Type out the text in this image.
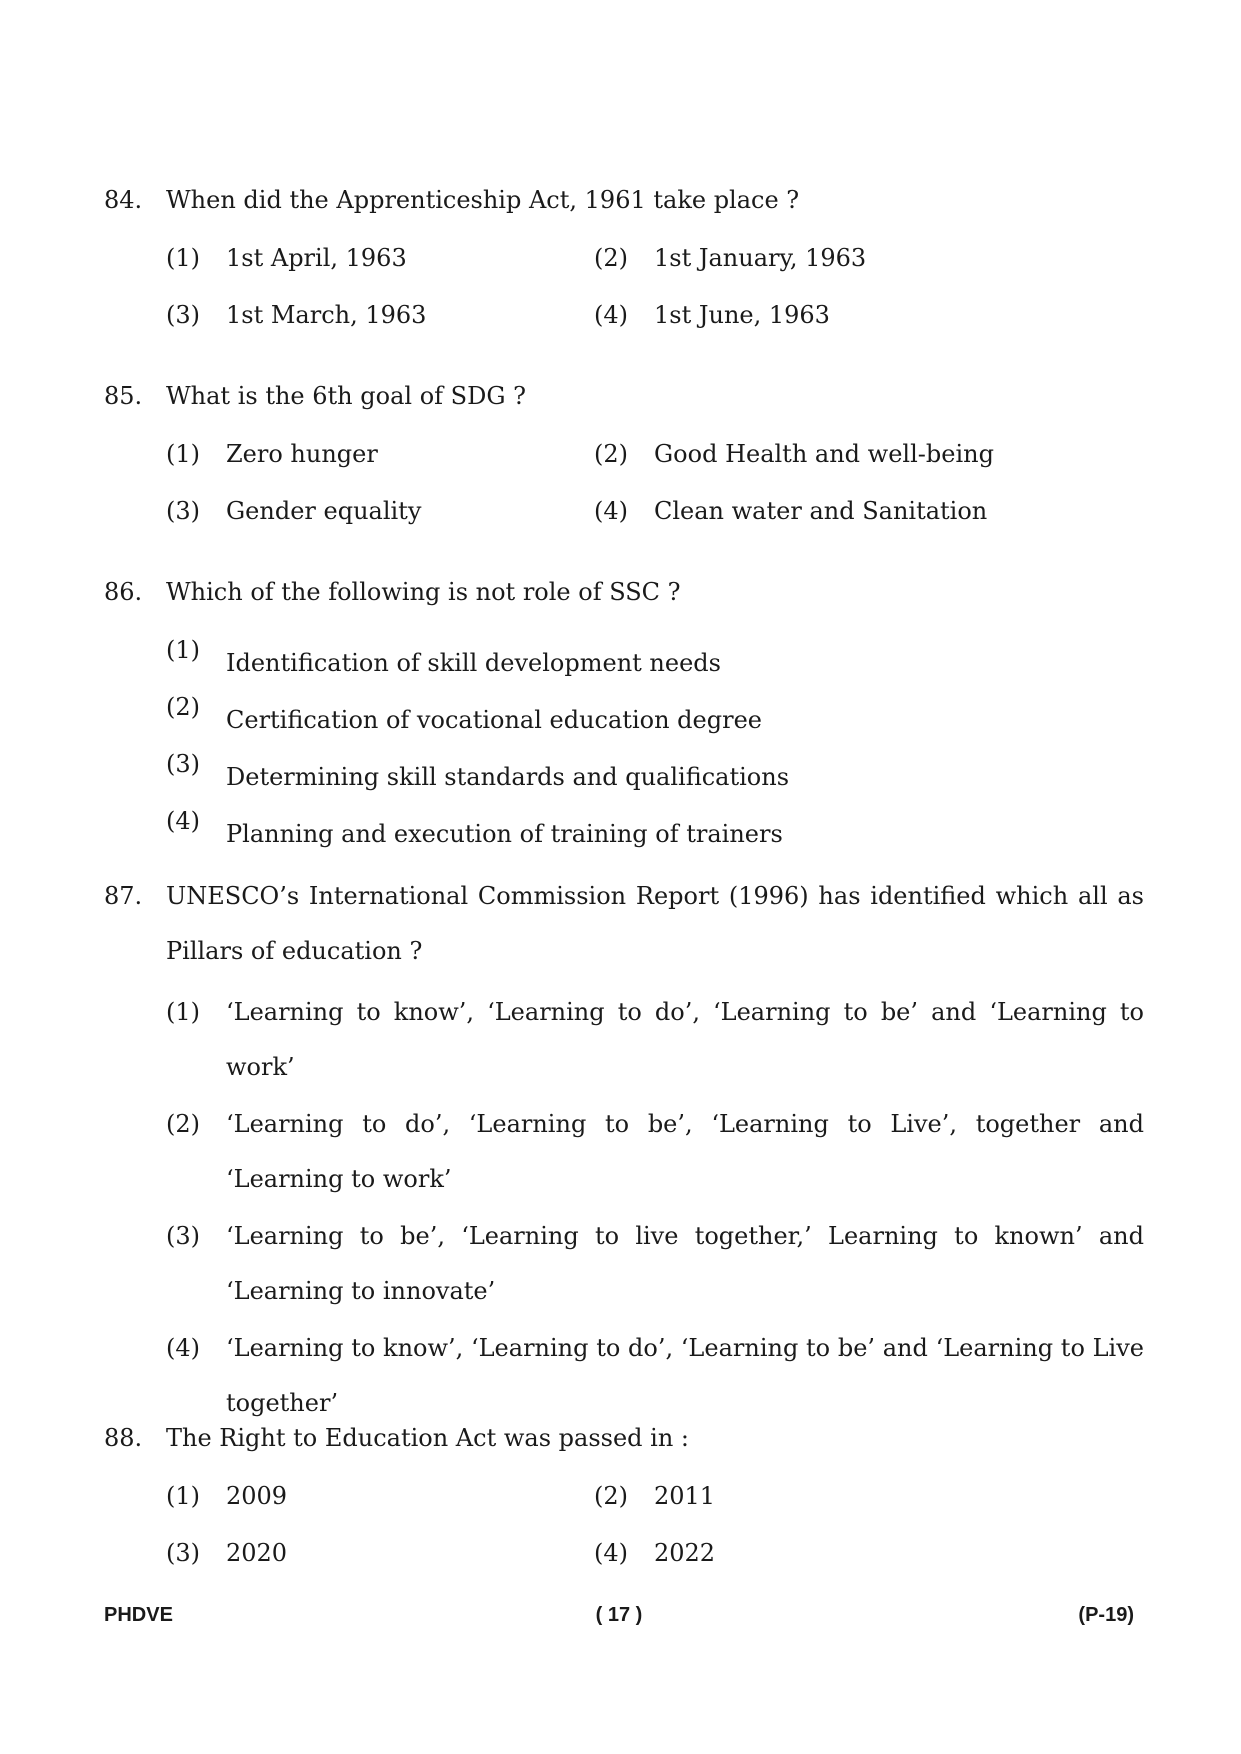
84. When did the Apprenticeship Act, 1961 take place ?
(1)	1st April, 1963	(2)	1st January, 1963
(3)	1st March, 1963	(4)	1st June, 1963
85. What is the 6th goal of SDG ?
(1)	Zero hunger	(2)	Good Health and well-being
(3)	Gender equality	(4)	Clean water and Sanitation
86. Which of the following is not role of SSC ?
(1)	Identification of skill development needs
(2)	Certification of vocational education degree
(3)	Determining skill standards and qualifications
(4)	Planning and execution of training of trainers
87. UNESCO’s International Commission Report (1996) has identified which all as Pillars of education ?
(1)	‘Learning to know’, ‘Learning to do’, ‘Learning to be’ and ‘Learning to work’
(2)	‘Learning to do’, ‘Learning to be’, ‘Learning to Live’, together and ‘Learning to work’
(3)	‘Learning to be’, ‘Learning to live together,’ Learning to known’ and ‘Learning to innovate’
(4)	‘Learning to know’, ‘Learning to do’, ‘Learning to be’ and ‘Learning to Live together’
88. The Right to Education Act was passed in :
(1)	2009	(2)	2011
(3)	2020	(4)	2022
PHDVE	( 17 )	(P-19)
